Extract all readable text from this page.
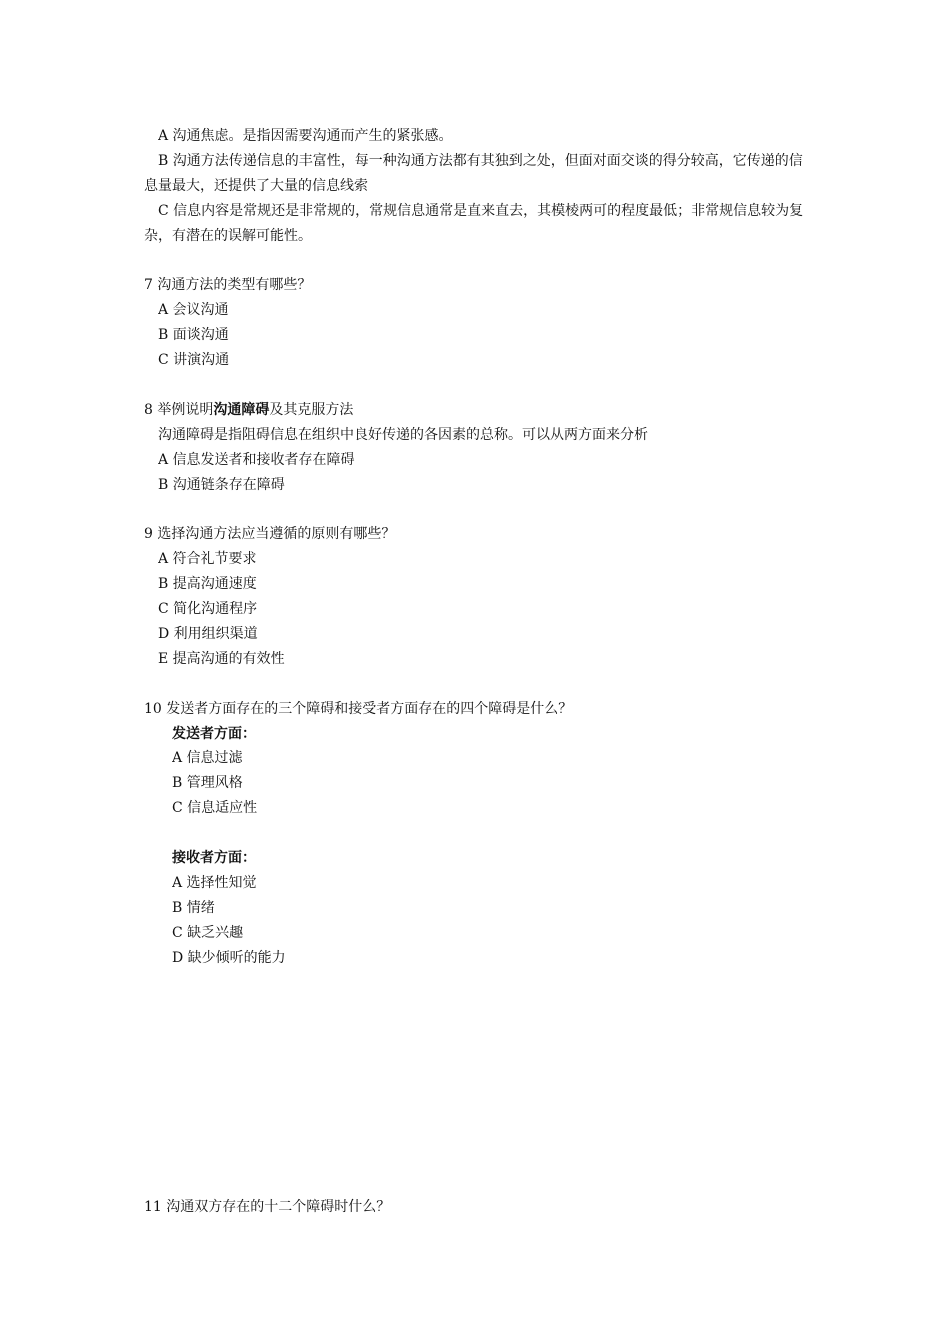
A 沟通焦虑。是指因需要沟通而产生的紧张感。
B 沟通方法传递信息的丰富性，每一种沟通方法都有其独到之处，但面对面交谈的得分较高，它传递的信
息量最大，还提供了大量的信息线索
C 信息内容是常规还是非常规的，常规信息通常是直来直去，其模棱两可的程度最低；非常规信息较为复
杂，有潜在的误解可能性。
7 沟通方法的类型有哪些？
A 会议沟通
B 面谈沟通
C 讲演沟通
8 举例说明沟通障碍及其克服方法
沟通障碍是指阻碍信息在组织中良好传递的各因素的总称。可以从两方面来分析
A 信息发送者和接收者存在障碍
B 沟通链条存在障碍
9 选择沟通方法应当遵循的原则有哪些？
A 符合礼节要求
B 提高沟通速度
C 简化沟通程序
D 利用组织渠道
E 提高沟通的有效性
10 发送者方面存在的三个障碍和接受者方面存在的四个障碍是什么？
发送者方面：
A 信息过滤
B 管理风格
C 信息适应性
接收者方面：
A 选择性知觉
B 情绪
C 缺乏兴趣
D 缺少倾听的能力
11 沟通双方存在的十二个障碍时什么？
